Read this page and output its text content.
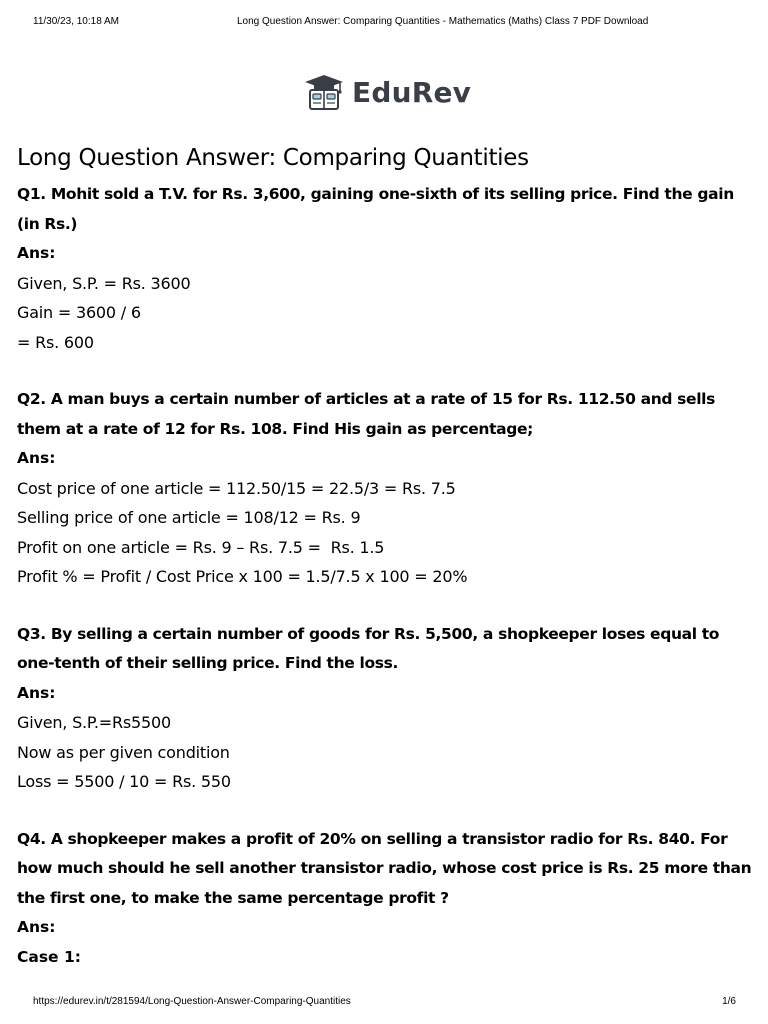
11/30/23, 10:18 AM	Long Question Answer: Comparing Quantities - Mathematics (Maths) Class 7 PDF Download
EduRev
Long Question Answer: Comparing Quantities

Q1. Mohit sold a T.V. for Rs. 3,600, gaining one-sixth of its selling price. Find the gain (in Rs.)

Ans:

Given, S.P. = Rs. 3600

Gain = 3600 / 6

= Rs. 600

Q2. A man buys a certain number of articles at a rate of 15 for Rs. 112.50 and sells them at a rate of 12 for Rs. 108. Find His gain as percentage;

Ans:

Cost price of one article = 112.50/15 = 22.5/3 = Rs. 7.5

Selling price of one article = 108/12 = Rs. 9

Profit on one article = Rs. 9 – Rs. 7.5 =  Rs. 1.5

Profit % = Profit / Cost Price x 100 = 1.5/7.5 x 100 = 20%

Q3. By selling a certain number of goods for Rs. 5,500, a shopkeeper loses equal to one-tenth of their selling price. Find the loss.

Ans:

Given, S.P.=Rs5500

Now as per given condition

Loss = 5500 / 10 = Rs. 550

Q4. A shopkeeper makes a profit of 20% on selling a transistor radio for Rs. 840. For how much should he sell another transistor radio, whose cost price is Rs. 25 more than the first one, to make the same percentage profit ?

Ans:

Case 1:

https://edurev.in/t/281594/Long-Question-Answer-Comparing-Quantities	1/6
